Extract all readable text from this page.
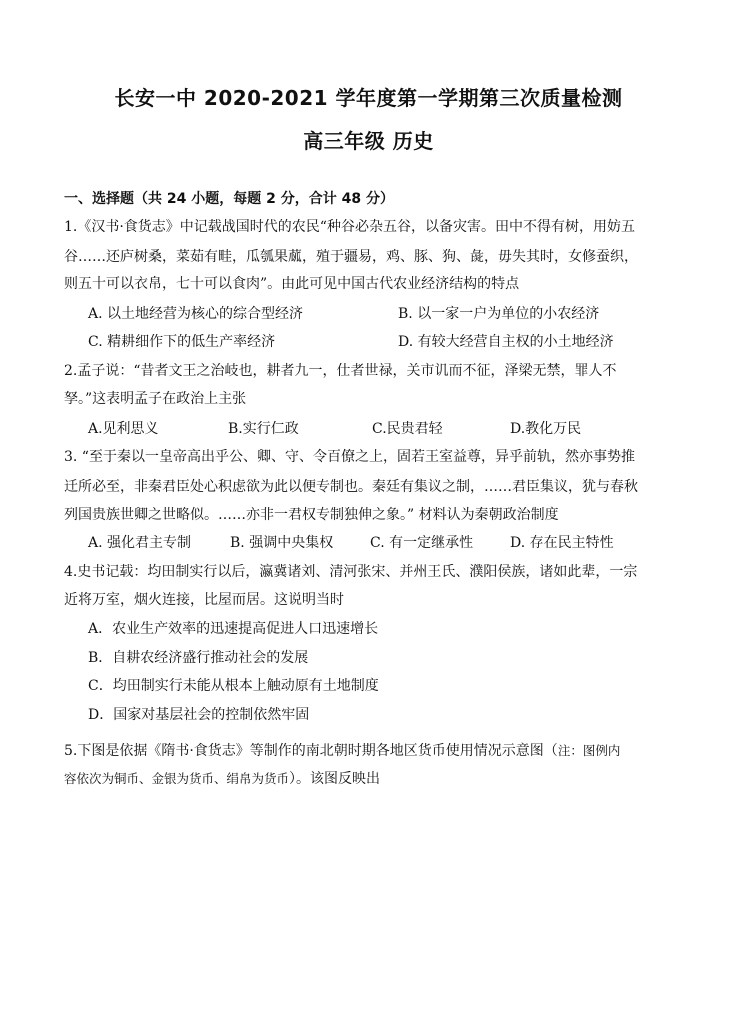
长安一中 2020-2021 学年度第一学期第三次质量检测
高三年级 历史
一、选择题（共 24 小题，每题 2 分，合计 48 分）
1.《汉书·食货志》中记载战国时代的农民“种谷必杂五谷，以备灾害。田中不得有树，用妨五
谷……还庐树桑，菜茹有畦，瓜瓠果蓏，殖于疆易，鸡、豚、狗、彘，毋失其时，女修蚕织，
则五十可以衣帛，七十可以食肉”。由此可见中国古代农业经济结构的特点
A. 以土地经营为核心的综合型经济	B. 以一家一户为单位的小农经济
C. 精耕细作下的低生产率经济	D. 有较大经营自主权的小土地经济
2.孟子说：“昔者文王之治岐也，耕者九一，仕者世禄，关市讥而不征，泽梁无禁，罪人不
孥。”这表明孟子在政治上主张
A.见利思义	B.实行仁政	C.民贵君轻	D.教化万民
3. “至于秦以一皇帝高出乎公、卿、守、令百僚之上，固若王室益尊，异乎前轨，然亦事势推
迁所必至，非秦君臣处心积虑欲为此以便专制也。秦廷有集议之制，……君臣集议，犹与春秋
列国贵族世卿之世略似。……亦非一君权专制独伸之象。” 材料认为秦朝政治制度
A. 强化君主专制	B. 强调中央集权	C. 有一定继承性	D. 存在民主特性
4.史书记载：均田制实行以后，瀛冀诸刘、清河张宋、并州王氏、濮阳侯族，诸如此辈，一宗
近将万室，烟火连接，比屋而居。这说明当时
A．农业生产效率的迅速提高促进人口迅速增长
B．自耕农经济盛行推动社会的发展
C．均田制实行未能从根本上触动原有土地制度
D．国家对基层社会的控制依然牢固
5.下图是依据《隋书·食货志》等制作的南北朝时期各地区货币使用情况示意图（注：图例内
容依次为铜币、金银为货币、绢帛为货币）。该图反映出
